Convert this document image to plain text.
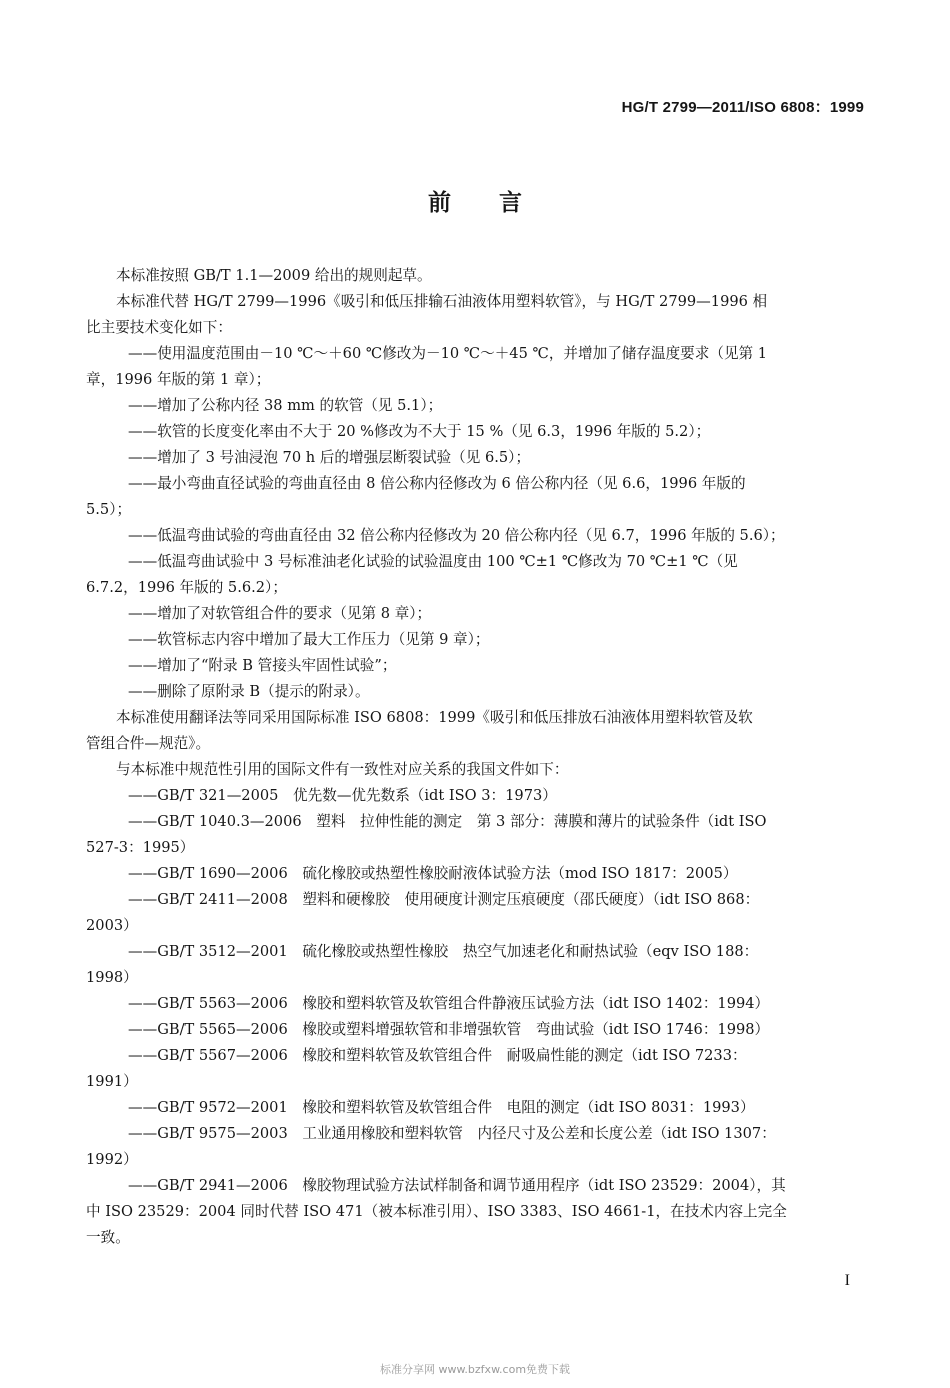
HG/T 2799—2011/ISO 6808：1999
前 言
本标准按照 GB/T 1.1—2009 给出的规则起草。
本标准代替 HG/T 2799—1996《吸引和低压排输石油液体用塑料软管》，与 HG/T 2799—1996 相
比主要技术变化如下：
——使用温度范围由－10 ℃～＋60 ℃修改为－10 ℃～＋45 ℃，并增加了储存温度要求（见第 1
章，1996 年版的第 1 章）；
——增加了公称内径 38 mm 的软管（见 5.1）；
——软管的长度变化率由不大于 20 %修改为不大于 15 %（见 6.3，1996 年版的 5.2）；
——增加了 3 号油浸泡 70 h 后的增强层断裂试验（见 6.5）；
——最小弯曲直径试验的弯曲直径由 8 倍公称内径修改为 6 倍公称内径（见 6.6，1996 年版的
5.5）；
——低温弯曲试验的弯曲直径由 32 倍公称内径修改为 20 倍公称内径（见 6.7，1996 年版的 5.6）；
——低温弯曲试验中 3 号标准油老化试验的试验温度由 100 ℃±1 ℃修改为 70 ℃±1 ℃（见
6.7.2，1996 年版的 5.6.2）；
——增加了对软管组合件的要求（见第 8 章）；
——软管标志内容中增加了最大工作压力（见第 9 章）；
——增加了“附录 B 管接头牢固性试验”；
——删除了原附录 B（提示的附录）。
本标准使用翻译法等同采用国际标准 ISO 6808：1999《吸引和低压排放石油液体用塑料软管及软
管组合件—规范》。
与本标准中规范性引用的国际文件有一致性对应关系的我国文件如下：
——GB/T 321—2005　优先数—优先数系（idt ISO 3：1973）
——GB/T 1040.3—2006　塑料　拉伸性能的测定　第 3 部分：薄膜和薄片的试验条件（idt ISO
527-3：1995）
——GB/T 1690—2006　硫化橡胶或热塑性橡胶耐液体试验方法（mod ISO 1817：2005）
——GB/T 2411—2008　塑料和硬橡胶　使用硬度计测定压痕硬度（邵氏硬度）（idt ISO 868：
2003）
——GB/T 3512—2001　硫化橡胶或热塑性橡胶　热空气加速老化和耐热试验（eqv ISO 188：
1998）
——GB/T 5563—2006　橡胶和塑料软管及软管组合件静液压试验方法（idt ISO 1402：1994）
——GB/T 5565—2006　橡胶或塑料增强软管和非增强软管　弯曲试验（idt ISO 1746：1998）
——GB/T 5567—2006　橡胶和塑料软管及软管组合件　耐吸扁性能的测定（idt ISO 7233：
1991）
——GB/T 9572—2001　橡胶和塑料软管及软管组合件　电阻的测定（idt ISO 8031：1993）
——GB/T 9575—2003　工业通用橡胶和塑料软管　内径尺寸及公差和长度公差（idt ISO 1307：
1992）
——GB/T 2941—2006　橡胶物理试验方法试样制备和调节通用程序（idt ISO 23529：2004），其
中 ISO 23529：2004 同时代替 ISO 471（被本标准引用）、ISO 3383、ISO 4661-1，在技术内容上完全
一致。
I
标准分享网 www.bzfxw.com免费下载
